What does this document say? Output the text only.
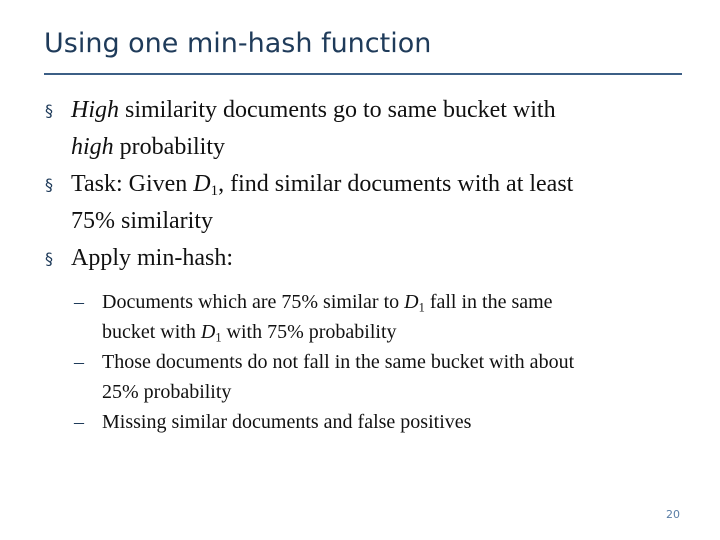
Using one min-hash function

§ High similarity documents go to same bucket with
high probability

§ Task: Given $D_1$, find similar documents with at least
75% similarity

§ Apply min-hash:

– Documents which are 75% similar to $D_1$ fall in the same
bucket with $D_1$ with 75% probability

– Those documents do not fall in the same bucket with about
25% probability

– Missing similar documents and false positives

20
